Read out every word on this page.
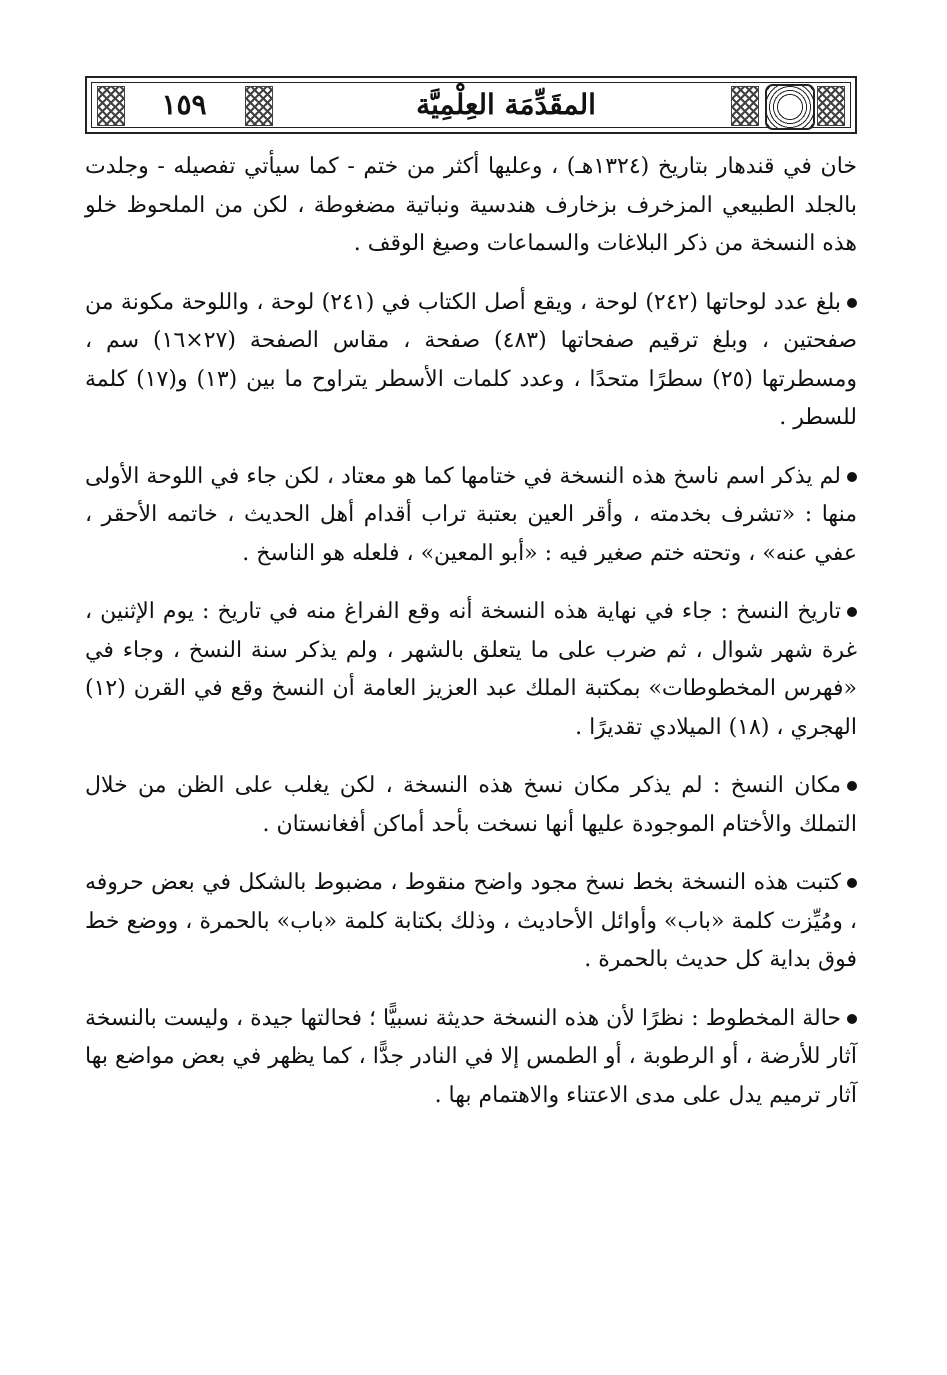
١٥٩	المقَدِّمَة العِلْمِيَّة

خان في قندهار بتاريخ (١٣٢٤هـ) ، وعليها أكثر من ختم - كما سيأتي تفصيله - وجلدت بالجلد الطبيعي المزخرف بزخارف هندسية ونباتية مضغوطة ، لكن من الملحوظ خلو هذه النسخة من ذكر البلاغات والسماعات وصيغ الوقف .

بلغ عدد لوحاتها (٢٤٢) لوحة ، ويقع أصل الكتاب في (٢٤١) لوحة ، واللوحة مكونة من صفحتين ، وبلغ ترقيم صفحاتها (٤٨٣) صفحة ، مقاس الصفحة (٢٧×١٦) سم ، ومسطرتها (٢٥) سطرًا متحدًا ، وعدد كلمات الأسطر يتراوح ما بين (١٣) و(١٧) كلمة للسطر .

لم يذكر اسم ناسخ هذه النسخة في ختامها كما هو معتاد ، لكن جاء في اللوحة الأولى منها : «تشرف بخدمته ، وأقر العين بعتبة تراب أقدام أهل الحديث ، خاتمه الأحقر ، عفي عنه» ، وتحته ختم صغير فيه : «أبو المعين» ، فلعله هو الناسخ .

تاريخ النسخ : جاء في نهاية هذه النسخة أنه وقع الفراغ منه في تاريخ : يوم الإثنين ، غرة شهر شوال ، ثم ضرب على ما يتعلق بالشهر ، ولم يذكر سنة النسخ ، وجاء في «فهرس المخطوطات» بمكتبة الملك عبد العزيز العامة أن النسخ وقع في القرن (١٢) الهجري ، (١٨) الميلادي تقديرًا .

مكان النسخ : لم يذكر مكان نسخ هذه النسخة ، لكن يغلب على الظن من خلال التملك والأختام الموجودة عليها أنها نسخت بأحد أماكن أفغانستان .

كتبت هذه النسخة بخط نسخ مجود واضح منقوط ، مضبوط بالشكل في بعض حروفه ، ومُيِّزت كلمة «باب» وأوائل الأحاديث ، وذلك بكتابة كلمة «باب» بالحمرة ، ووضع خط فوق بداية كل حديث بالحمرة .

حالة المخطوط : نظرًا لأن هذه النسخة حديثة نسبيًّا ؛ فحالتها جيدة ، وليست بالنسخة آثار للأرضة ، أو الرطوبة ، أو الطمس إلا في النادر جدًّا ، كما يظهر في بعض مواضع بها آثار ترميم يدل على مدى الاعتناء والاهتمام بها .
